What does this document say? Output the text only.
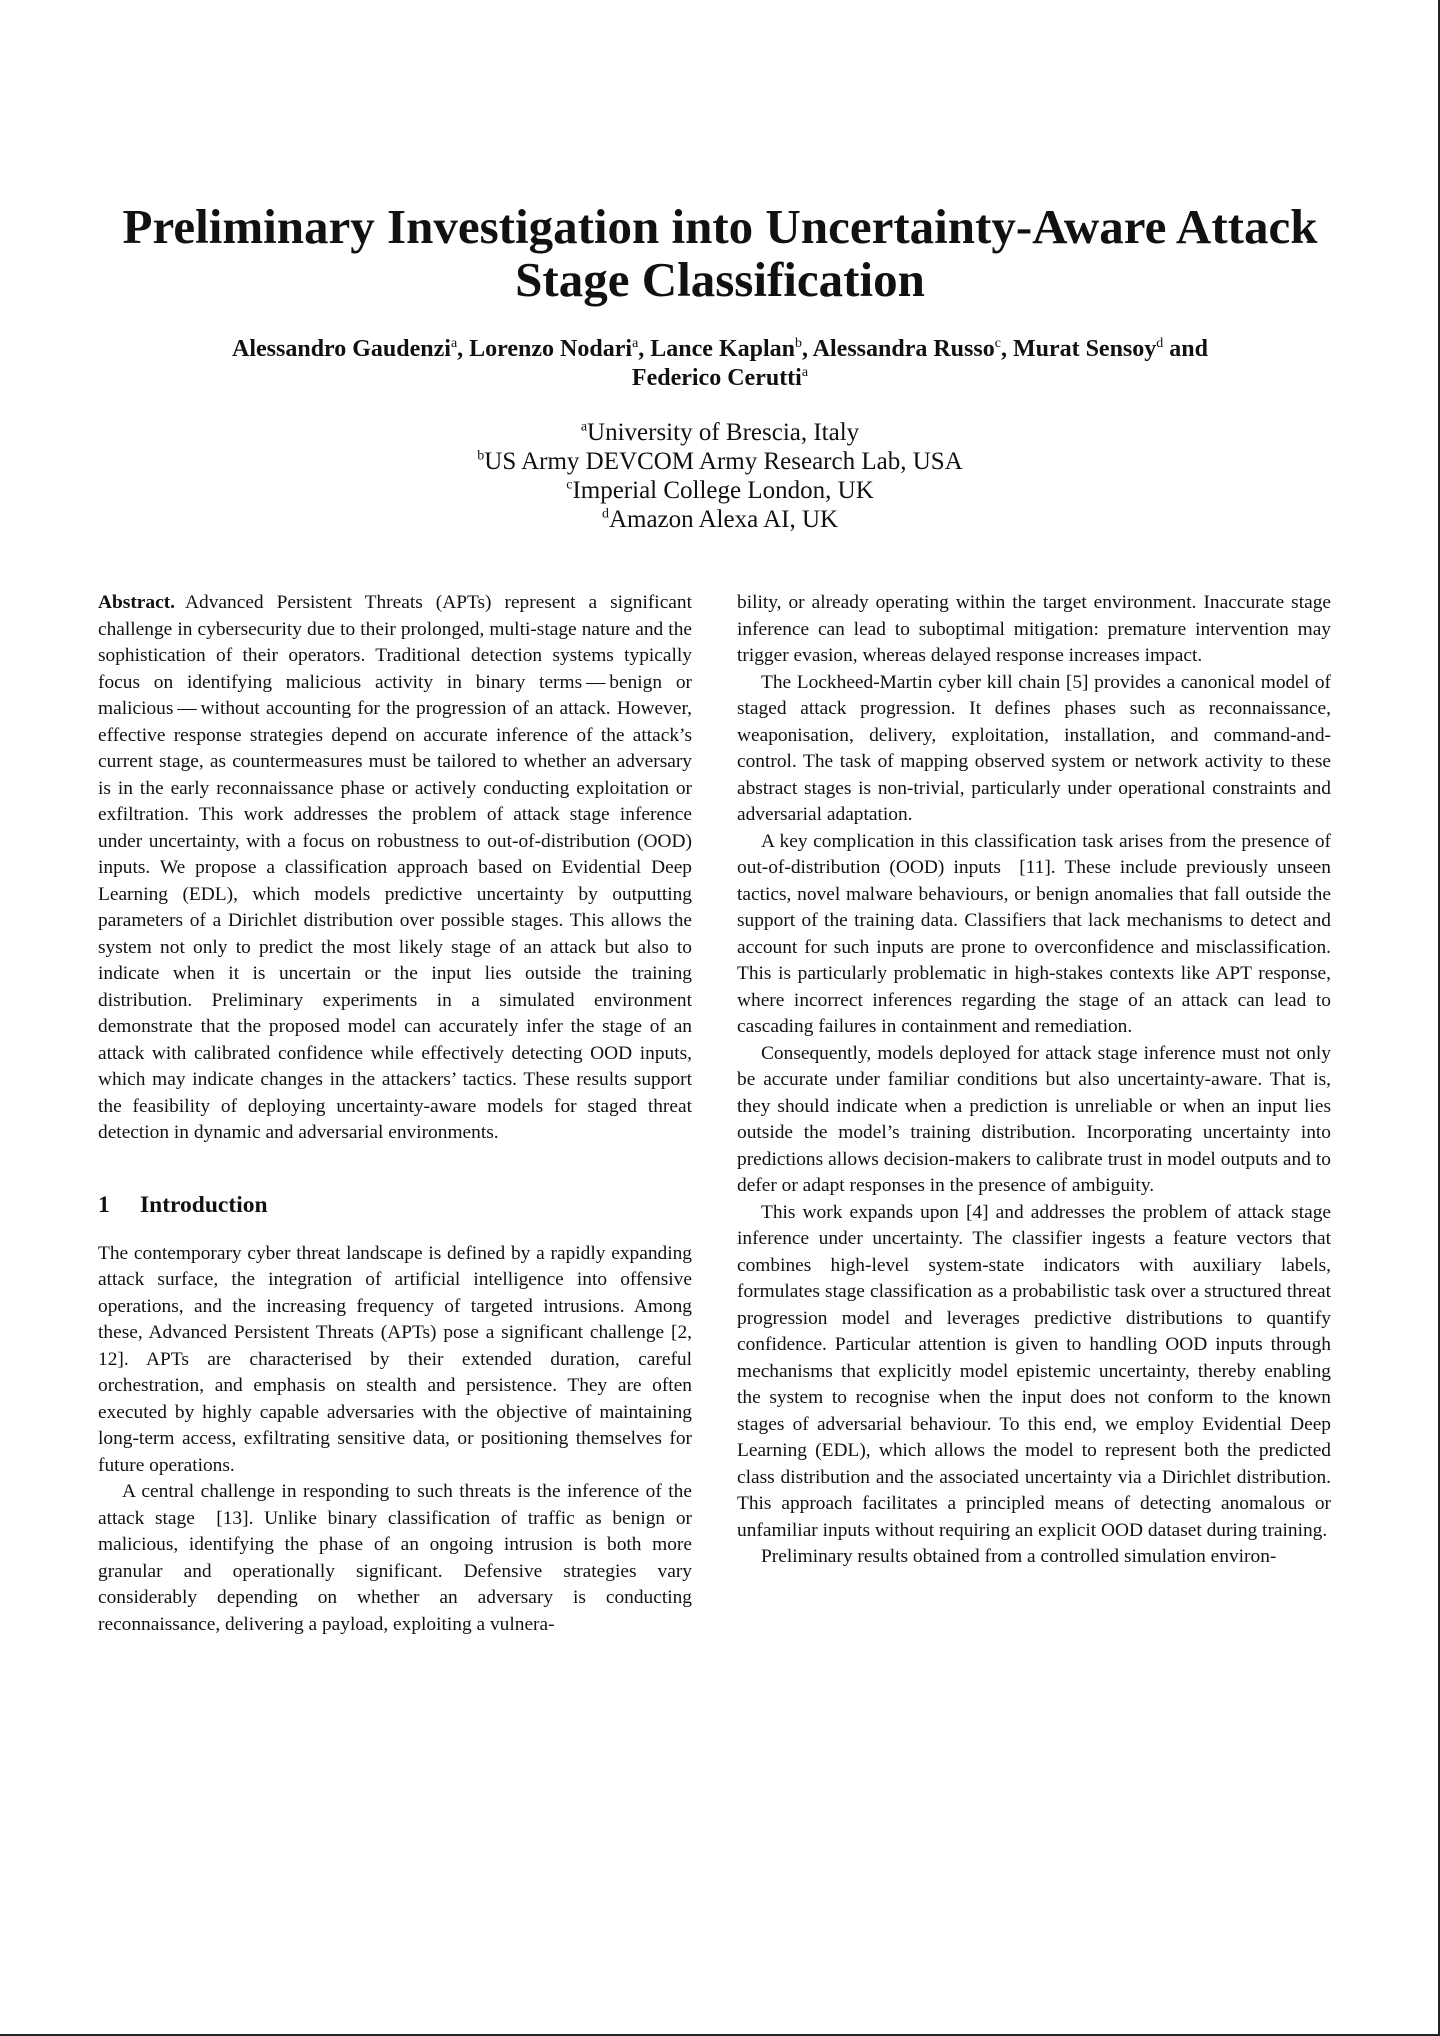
Preliminary Investigation into Uncertainty-Aware Attack Stage Classification
Alessandro Gaudenzi$^a$, Lorenzo Nodari$^a$, Lance Kaplan$^b$, Alessandra Russo$^c$, Murat Sensoy$^d$ and
Federico Cerutti$^a$
$^a$University of Brescia, Italy
$^b$US Army DEVCOM Army Research Lab, USA
$^c$Imperial College London, UK
$^d$Amazon Alexa AI, UK

Abstract. Advanced Persistent Threats (APTs) represent a significant challenge in cybersecurity due to their prolonged, multi-stage nature and the sophistication of their operators. Traditional detection systems typically focus on identifying malicious activity in binary terms — benign or malicious — without accounting for the progression of an attack. However, effective response strategies depend on accurate inference of the attack’s current stage, as countermeasures must be tailored to whether an adversary is in the early reconnaissance phase or actively conducting exploitation or exfiltration. This work addresses the problem of attack stage inference under uncertainty, with a focus on robustness to out-of-distribution (OOD) inputs. We propose a classification approach based on Evidential Deep Learning (EDL), which models predictive uncertainty by outputting parameters of a Dirichlet distribution over possible stages. This allows the system not only to predict the most likely stage of an attack but also to indicate when it is uncertain or the input lies outside the training distribution. Preliminary experiments in a simulated environment demonstrate that the proposed model can accurately infer the stage of an attack with calibrated confidence while effectively detecting OOD inputs, which may indicate changes in the attackers’ tactics. These results support the feasibility of deploying uncertainty-aware models for staged threat detection in dynamic and adversarial environments.

1 Introduction

The contemporary cyber threat landscape is defined by a rapidly expanding attack surface, the integration of artificial intelligence into offensive operations, and the increasing frequency of targeted intrusions. Among these, Advanced Persistent Threats (APTs) pose a significant challenge [2, 12]. APTs are characterised by their extended duration, careful orchestration, and emphasis on stealth and persistence. They are often executed by highly capable adversaries with the objective of maintaining long-term access, exfiltrating sensitive data, or positioning themselves for future operations.

A central challenge in responding to such threats is the inference of the attack stage  [13]. Unlike binary classification of traffic as benign or malicious, identifying the phase of an ongoing intrusion is both more granular and operationally significant. Defensive strategies vary considerably depending on whether an adversary is conducting reconnaissance, delivering a payload, exploiting a vulnera-

bility, or already operating within the target environment. Inaccurate stage inference can lead to suboptimal mitigation: premature intervention may trigger evasion, whereas delayed response increases impact.

The Lockheed-Martin cyber kill chain [5] provides a canonical model of staged attack progression. It defines phases such as reconnaissance, weaponisation, delivery, exploitation, installation, and command-and-control. The task of mapping observed system or network activity to these abstract stages is non-trivial, particularly under operational constraints and adversarial adaptation.

A key complication in this classification task arises from the presence of out-of-distribution (OOD) inputs  [11]. These include previously unseen tactics, novel malware behaviours, or benign anomalies that fall outside the support of the training data. Classifiers that lack mechanisms to detect and account for such inputs are prone to overconfidence and misclassification. This is particularly problematic in high-stakes contexts like APT response, where incorrect inferences regarding the stage of an attack can lead to cascading failures in containment and remediation.

Consequently, models deployed for attack stage inference must not only be accurate under familiar conditions but also uncertainty-aware. That is, they should indicate when a prediction is unreliable or when an input lies outside the model’s training distribution. Incorporating uncertainty into predictions allows decision-makers to calibrate trust in model outputs and to defer or adapt responses in the presence of ambiguity.

This work expands upon [4] and addresses the problem of attack stage inference under uncertainty. The classifier ingests a feature vectors that combines high-level system-state indicators with auxiliary labels, formulates stage classification as a probabilistic task over a structured threat progression model and leverages predictive distributions to quantify confidence. Particular attention is given to handling OOD inputs through mechanisms that explicitly model epistemic uncertainty, thereby enabling the system to recognise when the input does not conform to the known stages of adversarial behaviour. To this end, we employ Evidential Deep Learning (EDL), which allows the model to represent both the predicted class distribution and the associated uncertainty via a Dirichlet distribution. This approach facilitates a principled means of detecting anomalous or unfamiliar inputs without requiring an explicit OOD dataset during training.

Preliminary results obtained from a controlled simulation environ-
